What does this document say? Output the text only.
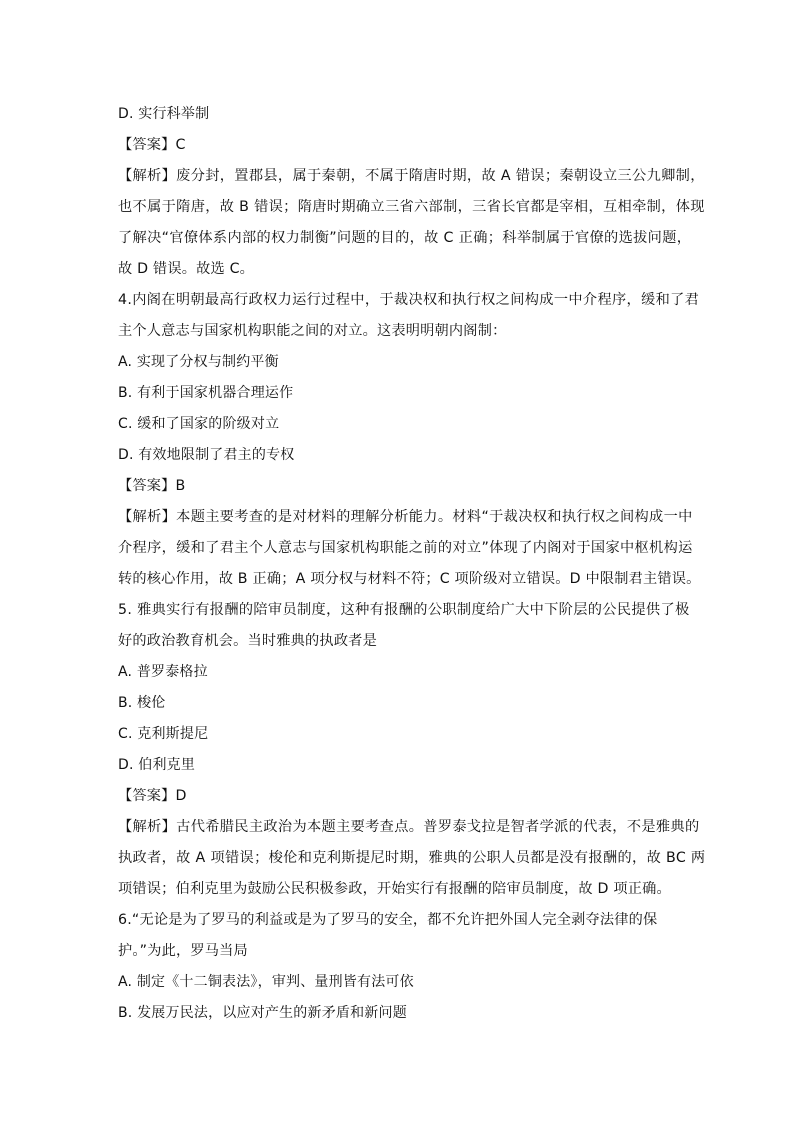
D. 实行科举制
【答案】C
【解析】废分封，置郡县，属于秦朝，不属于隋唐时期，故 A 错误；秦朝设立三公九卿制，
也不属于隋唐，故 B 错误；隋唐时期确立三省六部制，三省长官都是宰相，互相牵制，体现
了解决“官僚体系内部的权力制衡”问题的目的，故 C 正确；科举制属于官僚的选拔问题，
故 D 错误。故选 C。
4.内阁在明朝最高行政权力运行过程中，于裁决权和执行权之间构成一中介程序，缓和了君
主个人意志与国家机构职能之间的对立。这表明明朝内阁制：
A. 实现了分权与制约平衡
B. 有利于国家机器合理运作
C. 缓和了国家的阶级对立
D. 有效地限制了君主的专权
【答案】B
【解析】本题主要考查的是对材料的理解分析能力。材料“于裁决权和执行权之间构成一中
介程序，缓和了君主个人意志与国家机构职能之前的对立”体现了内阁对于国家中枢机构运
转的核心作用，故 B 正确；A 项分权与材料不符；C 项阶级对立错误。D 中限制君主错误。
5. 雅典实行有报酬的陪审员制度，这种有报酬的公职制度给广大中下阶层的公民提供了极
好的政治教育机会。当时雅典的执政者是
A. 普罗泰格拉
B. 梭伦
C. 克利斯提尼
D. 伯利克里
【答案】D
【解析】古代希腊民主政治为本题主要考查点。普罗泰戈拉是智者学派的代表，不是雅典的
执政者，故 A 项错误；梭伦和克利斯提尼时期，雅典的公职人员都是没有报酬的，故 BC 两
项错误；伯利克里为鼓励公民积极参政，开始实行有报酬的陪审员制度，故 D 项正确。
6.“无论是为了罗马的利益或是为了罗马的安全，都不允许把外国人完全剥夺法律的保
护。”为此，罗马当局
A. 制定《十二铜表法》，审判、量刑皆有法可依
B. 发展万民法，以应对产生的新矛盾和新问题
